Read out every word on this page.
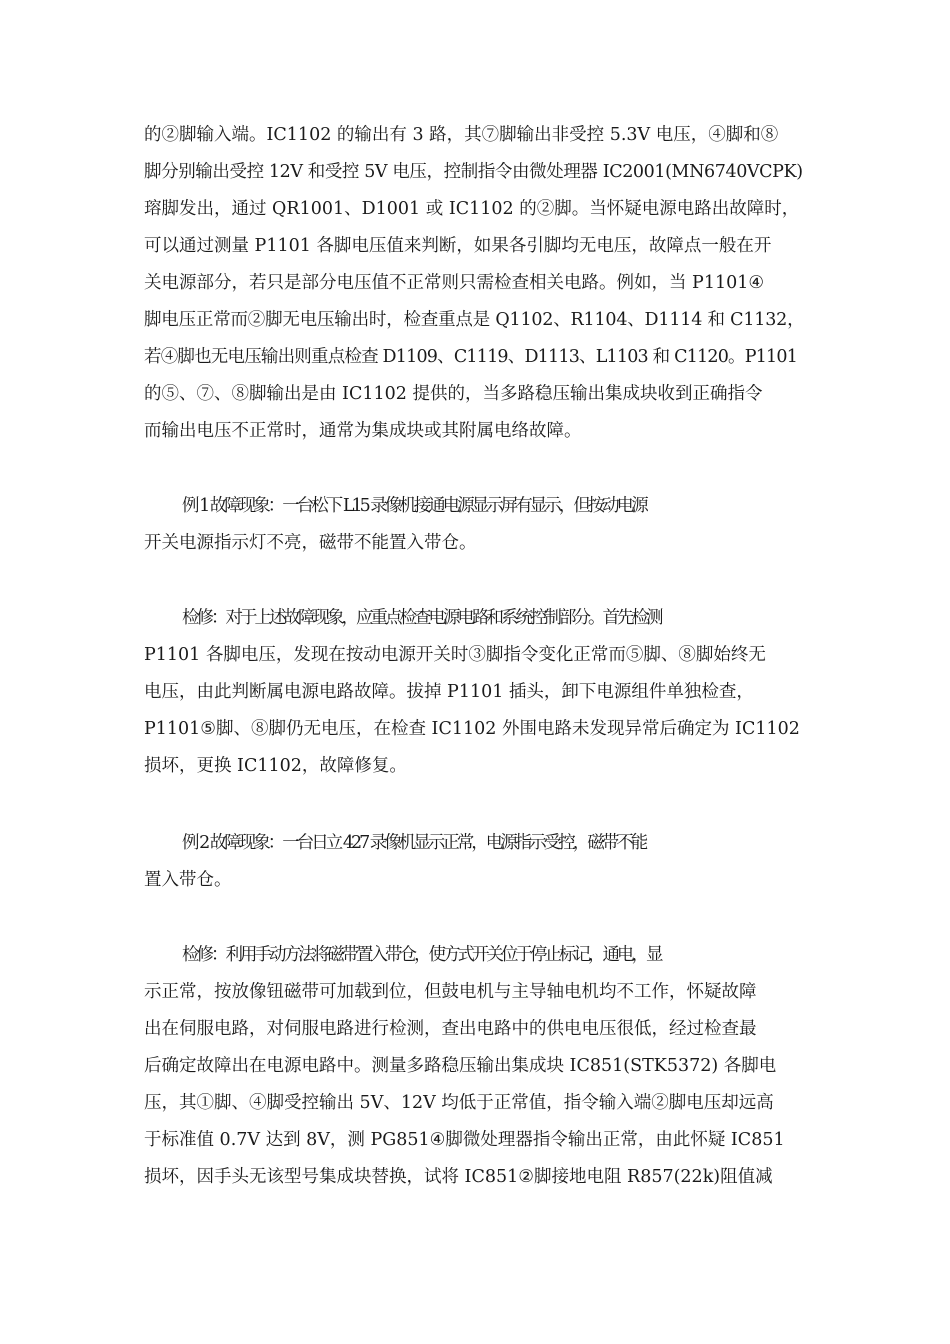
的②脚输入端。IC1102 的输出有 3 路，其⑦脚输出非受控 5.3V 电压，④脚和⑧
脚分别输出受控 12V 和受控 5V 电压，控制指令由微处理器 IC2001(MN6740VCPK)
瑢脚发出，通过 QR1001、D1001 或 IC1102 的②脚。当怀疑电源电路出故障时，
可以通过测量 P1101 各脚电压值来判断，如果各引脚均无电压，故障点一般在开
关电源部分，若只是部分电压值不正常则只需检查相关电路。例如，当 P1101④
脚电压正常而②脚无电压输出时，检查重点是 Q1102、R1104、D1114 和 C1132，
若④脚也无电压输出则重点检查 D1109、C1119、D1113、L1103 和 C1120。P1101
的⑤、⑦、⑧脚输出是由 IC1102 提供的，当多路稳压输出集成块收到正确指令
而输出电压不正常时，通常为集成块或其附属电络故障。
例 1 故障现象：一台松下 L15 录像机接通电源显示屏有显示，但按动电源
开关电源指示灯不亮，磁带不能置入带仓。
检修：对于上述故障现象，应重点检查电源电路和系统控制部分。首先检测
P1101 各脚电压，发现在按动电源开关时③脚指令变化正常而⑤脚、⑧脚始终无
电压，由此判断属电源电路故障。拔掉 P1101 插头，卸下电源组件单独检查，
P1101⑤脚、⑧脚仍无电压，在检查 IC1102 外围电路未发现异常后确定为 IC1102
损坏，更换 IC1102，故障修复。
例 2 故障现象：一台日立 427 录像机显示正常，电源指示受控，磁带不能
置入带仓。
检修：利用手动方法将磁带置入带仓，使方式开关位于停止标记，通电，显
示正常，按放像钮磁带可加载到位，但鼓电机与主导轴电机均不工作，怀疑故障
出在伺服电路，对伺服电路进行检测，查出电路中的供电电压很低，经过检查最
后确定故障出在电源电路中。测量多路稳压输出集成块 IC851(STK5372) 各脚电
压，其①脚、④脚受控输出 5V、12V 均低于正常值，指令输入端②脚电压却远高
于标准值 0.7V 达到 8V，测 PG851④脚微处理器指令输出正常，由此怀疑 IC851
损坏，因手头无该型号集成块替换，试将 IC851②脚接地电阻 R857(22k)阻值减
